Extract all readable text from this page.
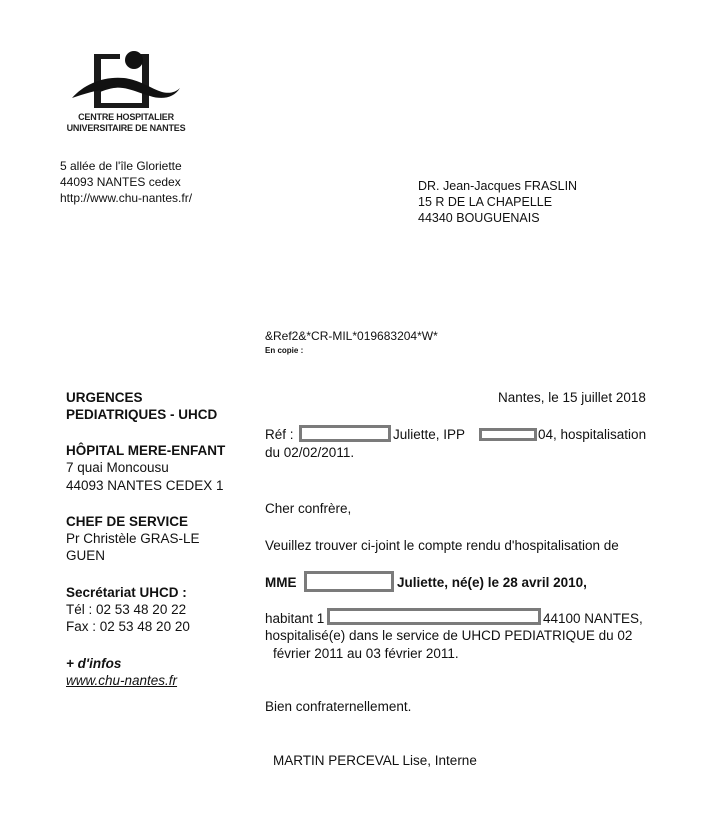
CENTRE HOSPITALIER
UNIVERSITAIRE DE NANTES
5 allée de l'île Gloriette
44093 NANTES cedex
http://www.chu-nantes.fr/
DR. Jean-Jacques FRASLIN
15 R DE LA CHAPELLE
44340 BOUGUENAIS
&Ref2&*CR-MIL*019683204*W*
En copie :
URGENCES
PEDIATRIQUES - UHCD
HÔPITAL MERE-ENFANT
7 quai Moncousu
44093 NANTES CEDEX 1
CHEF DE SERVICE
Pr Christèle GRAS-LE
GUEN
Secrétariat UHCD :
Tél : 02 53 48 20 22
Fax : 02 53 48 20 20
+ d'infos
www.chu-nantes.fr
Nantes, le 15 juillet 2018
Réf :	Juliette, IPP	04, hospitalisation
du 02/02/2011.
Cher confrère,
Veuillez trouver ci-joint le compte rendu d'hospitalisation de
MME	Juliette, né(e) le 28 avril 2010,
habitant 1	44100 NANTES,
hospitalisé(e) dans le service de UHCD PEDIATRIQUE du 02
février 2011 au 03 février 2011.
Bien confraternellement.
MARTIN PERCEVAL Lise, Interne
